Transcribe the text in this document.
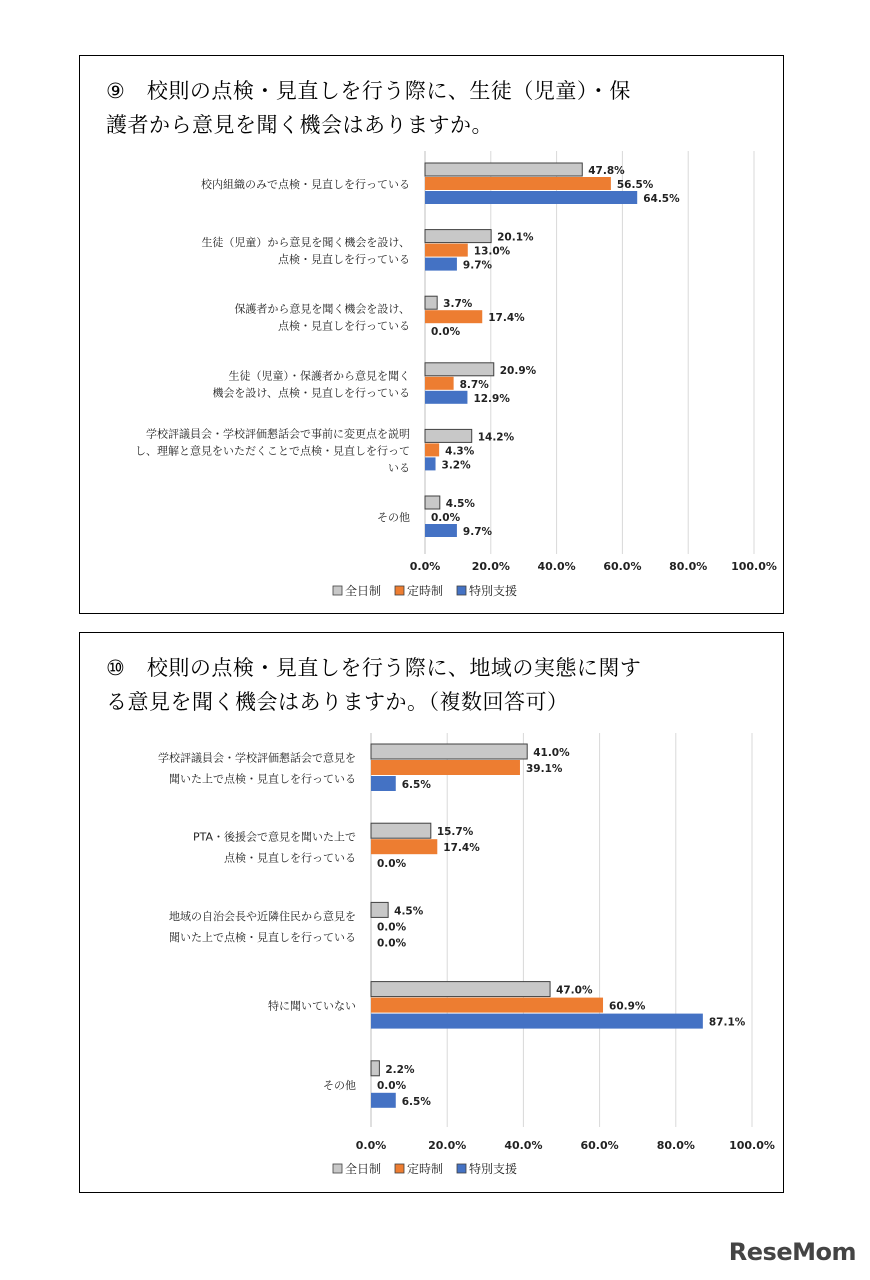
⑨　校則の点検・見直しを行う際に、生徒（児童）・保
護者から意見を聞く機会はありますか。
0.0%	20.0%	40.0%	60.0%	80.0% 100.0%
47.8%
56.5%
64.5%
校内組織のみで点検・見直しを行っている
20.1%
13.0%
9.7%
生徒（児童）から意見を聞く機会を設け、
点検・見直しを行っている
3.7%
17.4%
0.0%
保護者から意見を聞く機会を設け、
点検・見直しを行っている
20.9%
8.7%
12.9%
生徒（児童）・保護者から意見を聞く
機会を設け、点検・見直しを行っている
14.2%
4.3%
3.2%
学校評議員会・学校評価懇話会で事前に変更点を説明
し、理解と意見をいただくことで点検・見直しを行って
いる
4.5%
0.0%
9.7%
その他
全日制 定時制 特別支援
⑩　校則の点検・見直しを行う際に、地域の実態に関す
る意見を聞く機会はありますか。（複数回答可）
0.0%	20.0%	40.0%	60.0%	80.0%	100.0%
41.0%
39.1%
6.5%
学校評議員会・学校評価懇話会で意見を
聞いた上で点検・見直しを行っている
15.7%
17.4%
0.0%
PTA・後援会で意見を聞いた上で
点検・見直しを行っている
4.5%
0.0%
0.0%
地域の自治会長や近隣住民から意見を
聞いた上で点検・見直しを行っている
47.0%
60.9%
87.1%
特に聞いていない
2.2%
0.0%
6.5%
その他
全日制 定時制 特別支援
ReseMom
